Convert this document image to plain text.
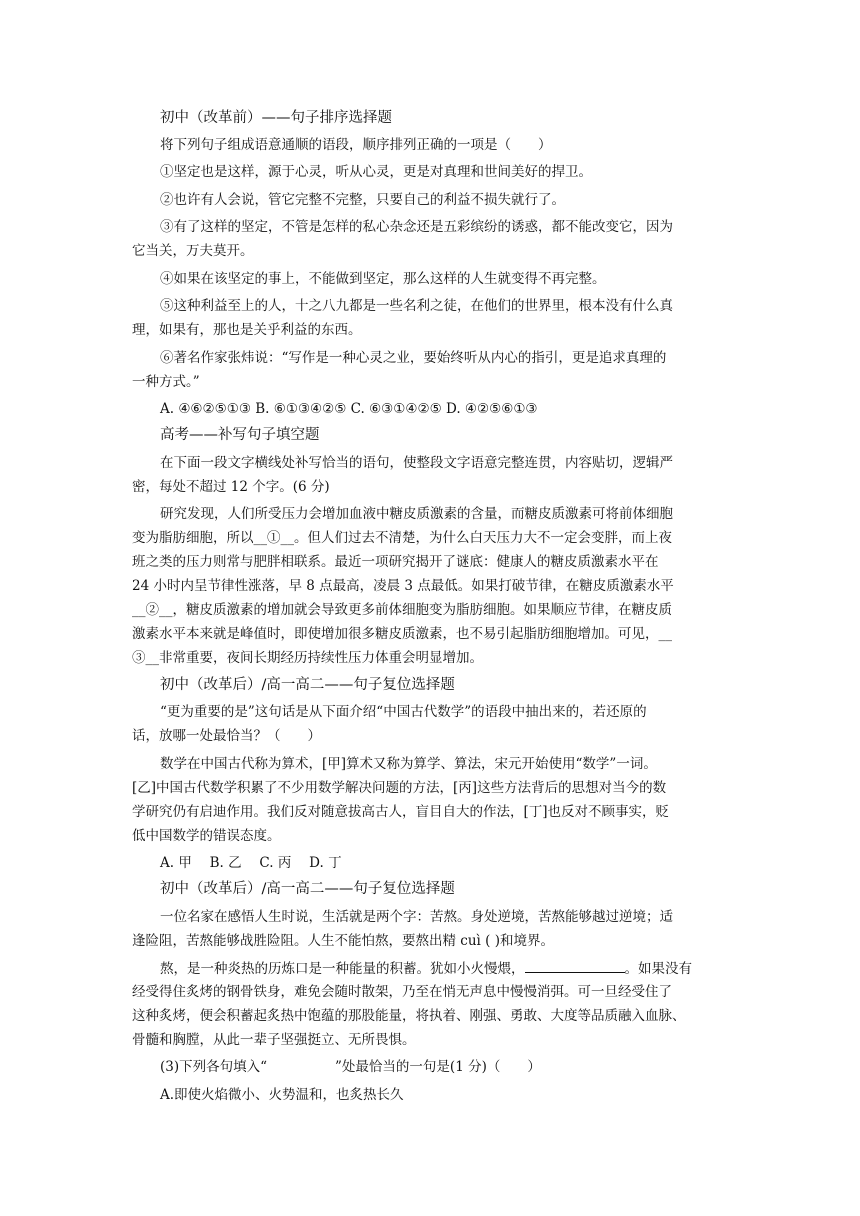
初中（改革前）——句子排序选择题
将下列句子组成语意通顺的语段，顺序排列正确的一项是（　　）
①坚定也是这样，源于心灵，听从心灵，更是对真理和世间美好的捍卫。
②也许有人会说，管它完整不完整，只要自己的利益不损失就行了。
③有了这样的坚定，不管是怎样的私心杂念还是五彩缤纷的诱惑，都不能改变它，因为
它当关，万夫莫开。
④如果在该坚定的事上，不能做到坚定，那么这样的人生就变得不再完整。
⑤这种利益至上的人，十之八九都是一些名利之徒，在他们的世界里，根本没有什么真
理，如果有，那也是关乎利益的东西。
⑥著名作家张炜说：“写作是一种心灵之业，要始终听从内心的指引，更是追求真理的
一种方式。”
A. ④⑥②⑤①③ B. ⑥①③④②⑤ C. ⑥③①④②⑤ D. ④②⑤⑥①③
高考——补写句子填空题
在下面一段文字横线处补写恰当的语句，使整段文字语意完整连贯，内容贴切，逻辑严
密，每处不超过 12 个字。(6 分)
研究发现，人们所受压力会增加血液中糖皮质激素的含量，而糖皮质激素可将前体细胞
变为脂肪细胞，所以__①__。但人们过去不清楚，为什么白天压力大不一定会变胖，而上夜
班之类的压力则常与肥胖相联系。最近一项研究揭开了谜底：健康人的糖皮质激素水平在
24 小时内呈节律性涨落，早 8 点最高，凌晨 3 点最低。如果打破节律，在糖皮质激素水平
__②__，糖皮质激素的增加就会导致更多前体细胞变为脂肪细胞。如果顺应节律，在糖皮质
激素水平本来就是峰值时，即使增加很多糖皮质激素，也不易引起脂肪细胞增加。可见，__
③__非常重要，夜间长期经历持续性压力体重会明显增加。
初中（改革后）/高一高二——句子复位选择题
“更为重要的是”这句话是从下面介绍“中国古代数学”的语段中抽出来的，若还原的
话，放哪一处最恰当？（　　）
数学在中国古代称为算术，[甲]算术又称为算学、算法，宋元开始使用“数学”一词。
[乙]中国古代数学积累了不少用数学解决问题的方法，[丙]这些方法背后的思想对当今的数
学研究仍有启迪作用。我们反对随意拔高古人，盲目自大的作法，[丁]也反对不顾事实，贬
低中国数学的错误态度。
A. 甲　 B. 乙　 C. 丙　 D. 丁
初中（改革后）/高一高二——句子复位选择题
一位名家在感悟人生时说，生活就是两个字：苦熬。身处逆境，苦熬能够越过逆境；适
逢险阻，苦熬能够战胜险阻。人生不能怕熬，要熬出精 cuì ( )和境界。
熬，是一种炎热的历炼口是一种能量的积蓄。犹如小火慢煨，	。如果没有
经受得住炙烤的钢骨铁身，难免会随时散架，乃至在悄无声息中慢慢消弭。可一旦经受住了
这种炙烤，便会积蓄起炙热中饱蕴的那股能量，将执着、刚强、勇敢、大度等品质融入血脉、
骨髓和胸膛，从此一辈子坚强挺立、无所畏惧。
(3)下列各句填入“	”处最恰当的一句是(1 分)（　　）
A.即使火焰微小、火势温和，也炙热长久
